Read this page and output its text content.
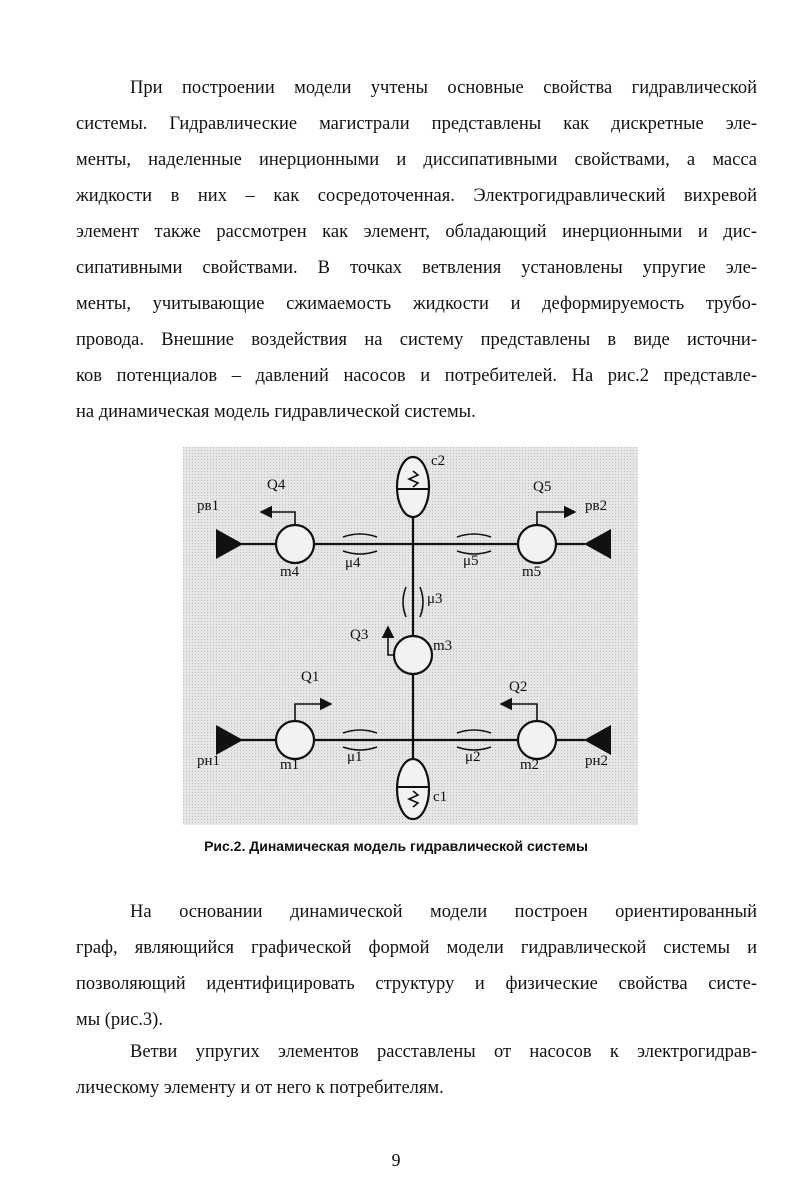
При построении модели учтены основные свойства гидравлической
системы. Гидравлические магистрали представлены как дискретные эле-
менты, наделенные инерционными и диссипативными свойствами, а масса
жидкости в них – как сосредоточенная. Электрогидравлический вихревой
элемент также рассмотрен как элемент, обладающий инерционными и дис-
сипативными свойствами. В точках ветвления установлены упругие эле-
менты, учитывающие сжимаемость жидкости и деформируемость трубо-
провода. Внешние воздействия на систему представлены в виде источни-
ков потенциалов – давлений насосов и потребителей. На рис.2 представле-
на динамическая модель гидравлической системы.
pв1	pв2
pн1	pн2
Q4	Q5
Q3
Q1
Q2
m4	m5
m3
m1	m2
μ4	μ5
μ3
μ1	μ2
c2
c1
Рис.2. Динамическая модель гидравлической системы
На основании динамической модели построен ориентированный
граф, являющийся графической формой модели гидравлической системы и
позволяющий идентифицировать структуру и физические свойства систе-
мы (рис.3).
Ветви упругих элементов расставлены от насосов к электрогидрав-
лическому элементу и от него к потребителям.
9
